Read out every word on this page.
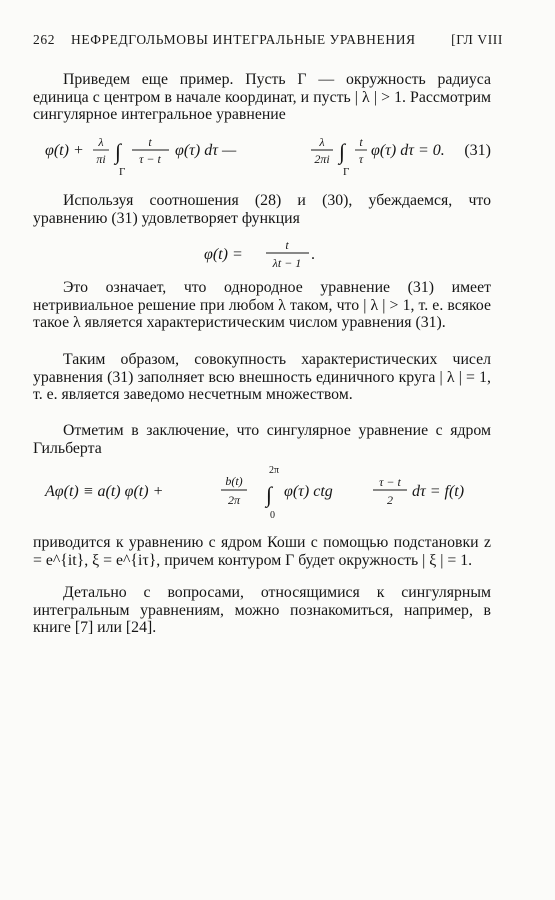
262 НЕФРЕДГОЛЬМОВЫ ИНТЕГРАЛЬНЫЕ УРАВНЕНИЯ	[ГЛ VIII
Приведем еще пример. Пусть Г — окружность радиуса единица с центром в начале координат, и пусть | λ | > 1. Рассмотрим сингулярное интегральное уравнение
φ(t) + λ
πi ∫
Г
t
τ − t φ(τ) dτ —	λ
2πi ∫
Г
t
τ φ(τ) dτ = 0. (31)
Используя соотношения (28) и (30), убеждаемся, что уравнению (31) удовлетворяет функция
φ(t) =
t
λt − 1 .
Это означает, что однородное уравнение (31) имеет нетривиальное решение при любом λ таком, что | λ | > 1, т. е. всякое такое λ является характеристическим числом уравнения (31).
Таким образом, совокупность характеристических чисел уравнения (31) заполняет всю внешность единичного круга | λ | = 1, т. е. является заведомо несчетным множеством.
Отметим в заключение, что сингулярное уравнение с ядром Гильберта
Aφ(t) ≡ a(t) φ(t) +
b(t)
2π
2π
∫
0
φ(τ) ctg
τ − t
2 dτ = f(t)
приводится к уравнению с ядром Коши с помощью подстановки z = e^{it}, ξ = e^{iτ}, причем контуром Г будет окружность | ξ | = 1.
Детально с вопросами, относящимися к сингулярным интегральным уравнениям, можно познакомиться, например, в книге [7] или [24].
